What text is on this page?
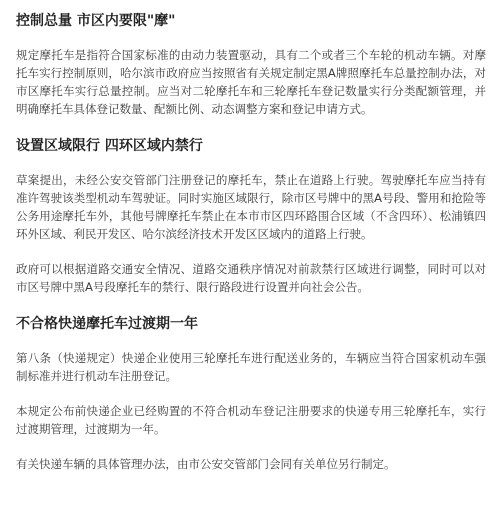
控制总量 市区内要限"摩"

规定摩托车是指符合国家标准的由动力装置驱动，具有二个或者三个车轮的机动车辆。对摩托车实行控制原则，哈尔滨市政府应当按照省有关规定制定黑A牌照摩托车总量控制办法，对市区摩托车实行总量控制。应当对二轮摩托车和三轮摩托车登记数量实行分类配额管理，并明确摩托车具体登记数量、配额比例、动态调整方案和登记申请方式。

设置区域限行 四环区域内禁行

草案提出，未经公安交管部门注册登记的摩托车，禁止在道路上行驶。驾驶摩托车应当持有准许驾驶该类型机动车驾驶证。同时实施区域限行，除市区号牌中的黑A号段、警用和抢险等公务用途摩托车外，其他号牌摩托车禁止在本市市区四环路围合区域（不含四环）、松浦镇四环外区域、利民开发区、哈尔滨经济技术开发区区域内的道路上行驶。

政府可以根据道路交通安全情况、道路交通秩序情况对前款禁行区域进行调整，同时可以对市区号牌中黑A号段摩托车的禁行、限行路段进行设置并向社会公告。

不合格快递摩托车过渡期一年

第八条（快递规定）快递企业使用三轮摩托车进行配送业务的，车辆应当符合国家机动车强制标准并进行机动车注册登记。

本规定公布前快递企业已经购置的不符合机动车登记注册要求的快递专用三轮摩托车，实行过渡期管理，过渡期为一年。

有关快递车辆的具体管理办法，由市公安交管部门会同有关单位另行制定。
